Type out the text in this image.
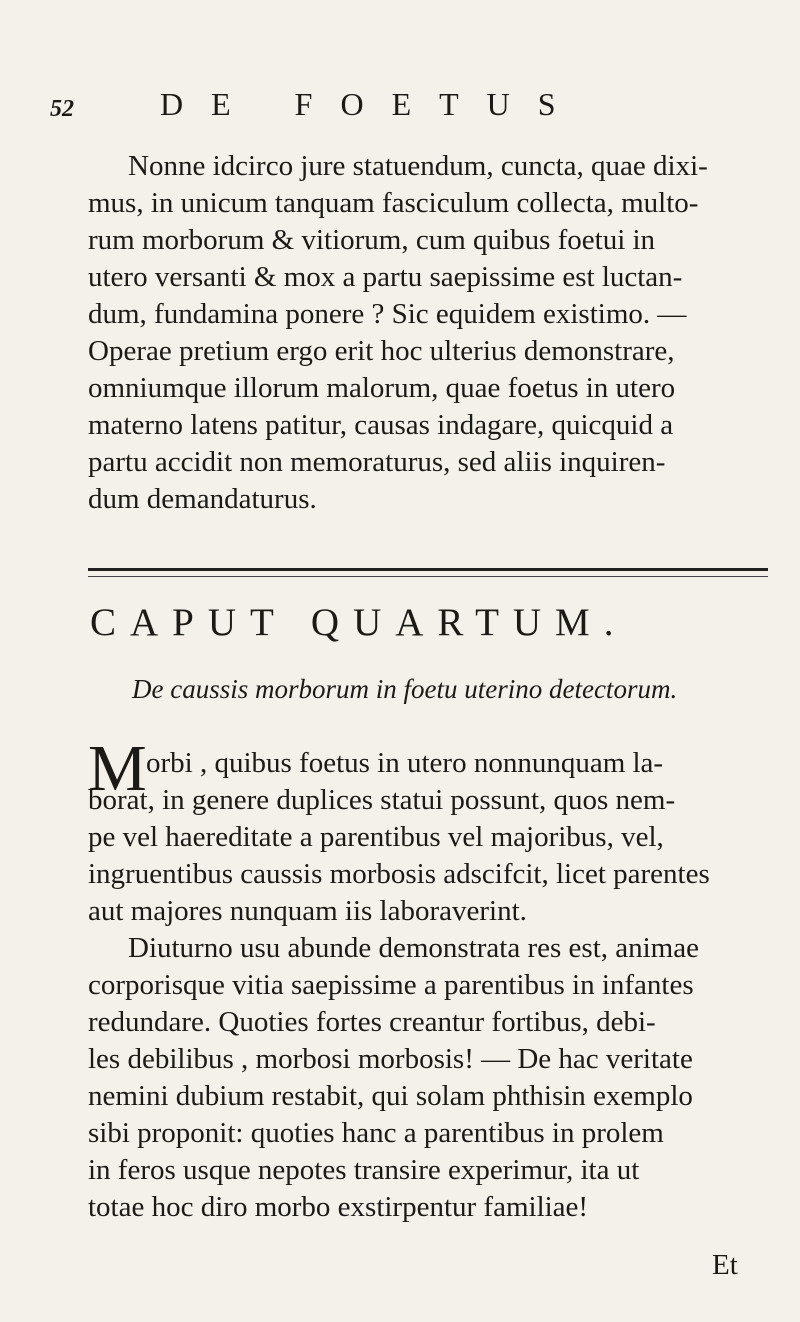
52	DE FOETUS
Nonne idcirco jure statuendum, cuncta, quae dixi-
mus, in unicum tanquam fasciculum collecta, multo-
rum morborum & vitiorum, cum quibus foetui in
utero versanti & mox a partu saepissime est luctan-
dum, fundamina ponere ? Sic equidem existimo. —
Operae pretium ergo erit hoc ulterius demonstrare,
omniumque illorum malorum, quae foetus in utero
materno latens patitur, causas indagare, quicquid a
partu accidit non memoraturus, sed aliis inquiren-
dum demandaturus.
CAPUT QUARTUM.
De caussis morborum in foetu uterino detectorum.
M orbi , quibus foetus in utero nonnunquam la-
borat, in genere duplices statui possunt, quos nem-
pe vel haereditate a parentibus vel majoribus, vel,
ingruentibus caussis morbosis adscifcit, licet parentes
aut majores nunquam iis laboraverint.
Diuturno usu abunde demonstrata res est, animae
corporisque vitia saepissime a parentibus in infantes
redundare. Quoties fortes creantur fortibus, debi-
les debilibus , morbosi morbosis! — De hac veritate
nemini dubium restabit, qui solam phthisin exemplo
sibi proponit: quoties hanc a parentibus in prolem
in feros usque nepotes transire experimur, ita ut
totae hoc diro morbo exstirpentur familiae!
Et
